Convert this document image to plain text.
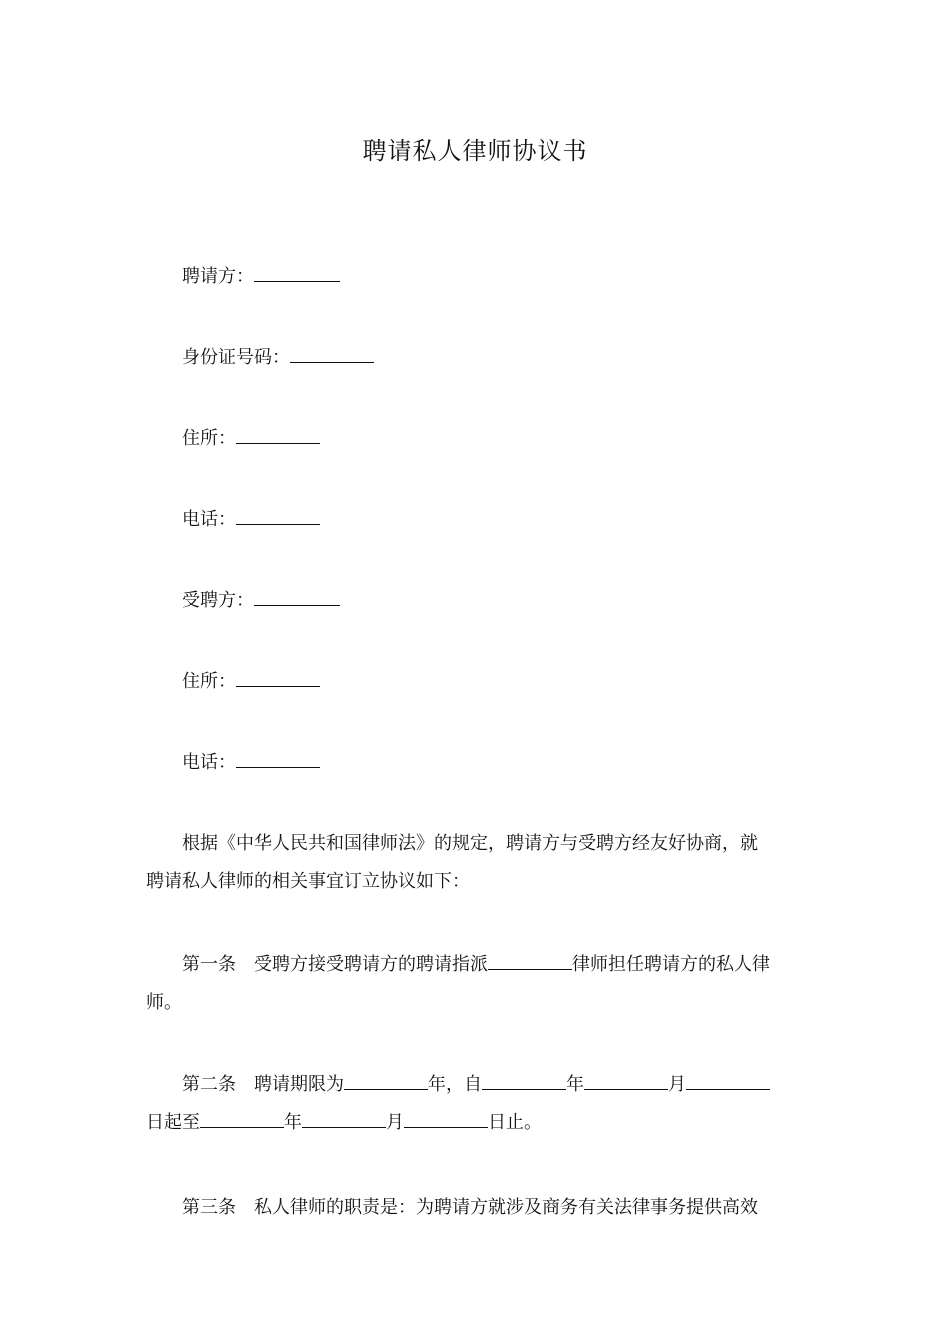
聘请私人律师协议书
聘请方：
身份证号码：
住所：
电话：
受聘方：
住所：
电话：
根据《中华人民共和国律师法》的规定，聘请方与受聘方经友好协商，就
聘请私人律师的相关事宜订立协议如下：
第一条 受聘方接受聘请方的聘请指派	律师担任聘请方的私人律
师。
第二条 聘请期限为	年，自	年	月
日起至	年	月	日止。
第三条 私人律师的职责是：为聘请方就涉及商务有关法律事务提供高效
